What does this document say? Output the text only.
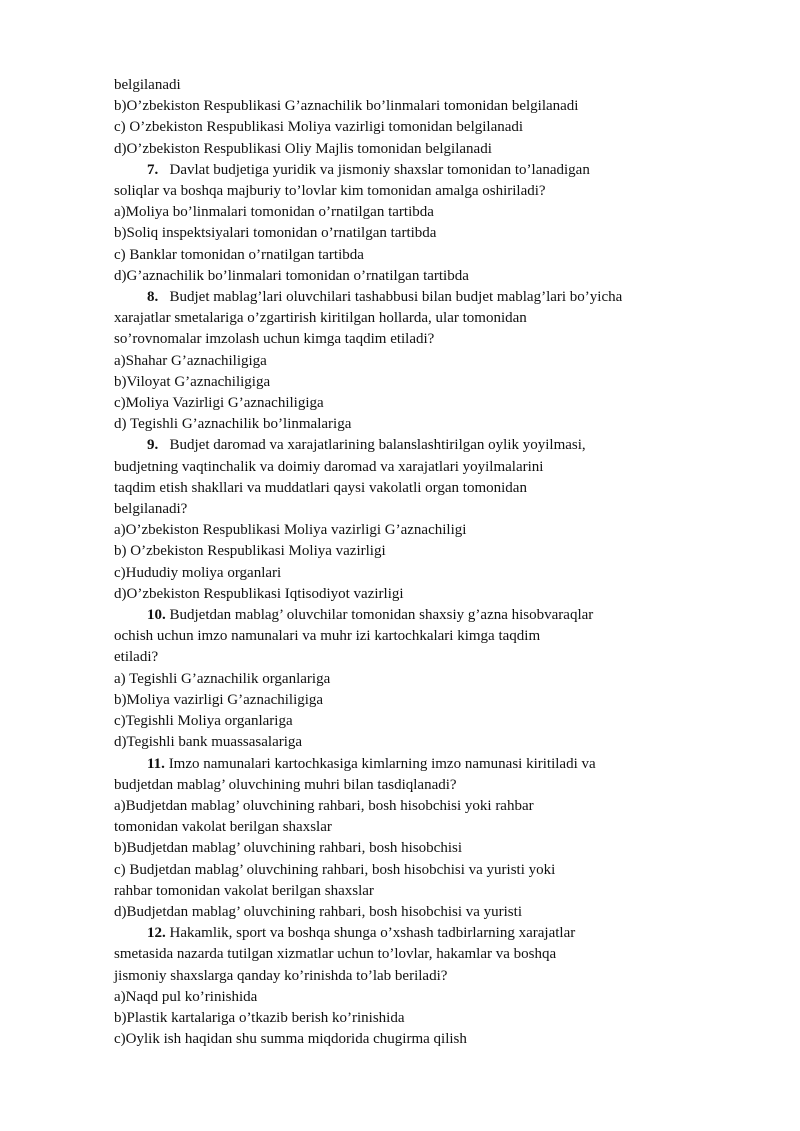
belgilanadi
b)O’zbekiston Respublikasi G’aznachilik bo’linmalari tomonidan belgilanadi
c) O’zbekiston Respublikasi Moliya vazirligi tomonidan belgilanadi
d)O’zbekiston Respublikasi Oliy Majlis tomonidan belgilanadi
7. Davlat budjetiga yuridik va jismoniy shaxslar tomonidan to’lanadigan
soliqlar va boshqa majburiy to’lovlar kim tomonidan amalga oshiriladi?
a)Moliya bo’linmalari tomonidan o’rnatilgan tartibda
b)Soliq inspektsiyalari tomonidan o’rnatilgan tartibda
c) Banklar tomonidan o’rnatilgan tartibda
d)G’aznachilik bo’linmalari tomonidan o’rnatilgan tartibda
8. Budjet mablag’lari oluvchilari tashabbusi bilan budjet mablag’lari bo’yicha
xarajatlar smetalariga o’zgartirish kiritilgan hollarda, ular tomonidan
so’rovnomalar imzolash uchun kimga taqdim etiladi?
a)Shahar G’aznachiligiga
b)Viloyat G’aznachiligiga
c)Moliya Vazirligi G’aznachiligiga
d) Tegishli G’aznachilik bo’linmalariga
9. Budjet daromad va xarajatlarining balanslashtirilgan oylik yoyilmasi,
budjetning vaqtinchalik va doimiy daromad va xarajatlari yoyilmalarini
taqdim etish shakllari va muddatlari qaysi vakolatli organ tomonidan
belgilanadi?
a)O’zbekiston Respublikasi Moliya vazirligi G’aznachiligi
b) O’zbekiston Respublikasi Moliya vazirligi
c)Hududiy moliya organlari
d)O’zbekiston Respublikasi Iqtisodiyot vazirligi
10. Budjetdan mablag’ oluvchilar tomonidan shaxsiy g’azna hisobvaraqlar
ochish uchun imzo namunalari va muhr izi kartochkalari kimga taqdim
etiladi?
a) Tegishli G’aznachilik organlariga
b)Moliya vazirligi G’aznachiligiga
c)Tegishli Moliya organlariga
d)Tegishli bank muassasalariga
11. Imzo namunalari kartochkasiga kimlarning imzo namunasi kiritiladi va
budjetdan mablag’ oluvchining muhri bilan tasdiqlanadi?
a)Budjetdan mablag’ oluvchining rahbari, bosh hisobchisi yoki rahbar
tomonidan vakolat berilgan shaxslar
b)Budjetdan mablag’ oluvchining rahbari, bosh hisobchisi
c) Budjetdan mablag’ oluvchining rahbari, bosh hisobchisi va yuristi yoki
rahbar tomonidan vakolat berilgan shaxslar
d)Budjetdan mablag’ oluvchining rahbari, bosh hisobchisi va yuristi
12. Hakamlik, sport va boshqa shunga o’xshash tadbirlarning xarajatlar
smetasida nazarda tutilgan xizmatlar uchun to’lovlar, hakamlar va boshqa
jismoniy shaxslarga qanday ko’rinishda to’lab beriladi?
a)Naqd pul ko’rinishida
b)Plastik kartalariga o’tkazib berish ko’rinishida
c)Oylik ish haqidan shu summa miqdorida chugirma qilish
